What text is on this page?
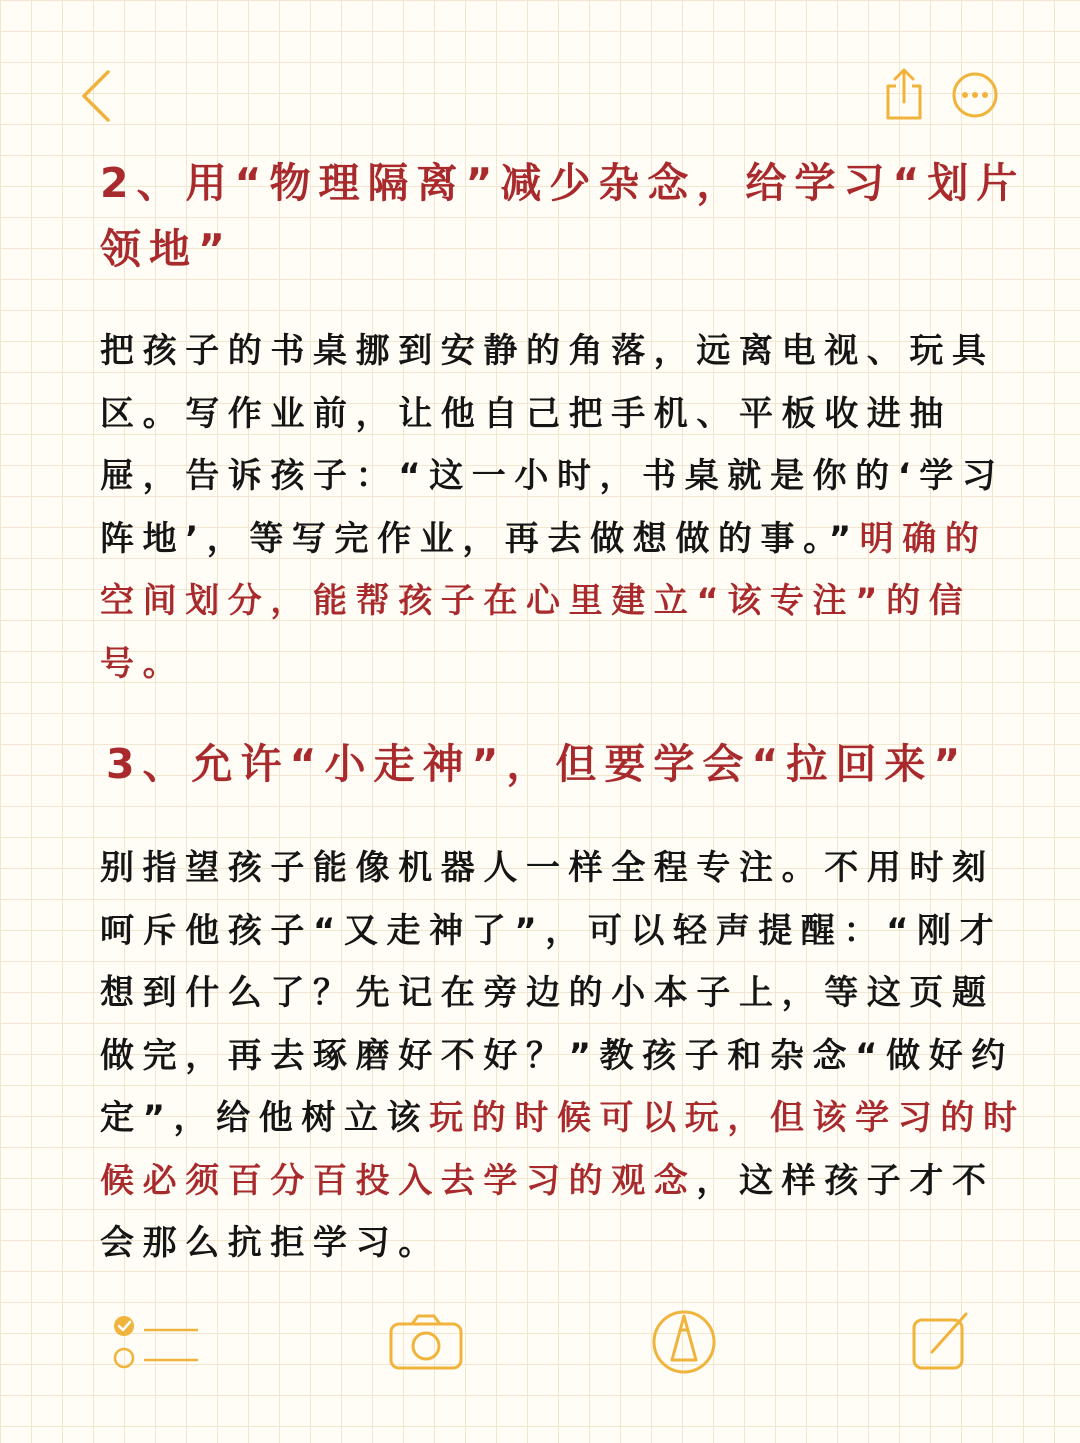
2、用“物理隔离”减少杂念，给学习“划片领地”

把孩子的书桌挪到安静的角落，远离电视、玩具区。写作业前，让他自己把手机、平板收进抽屉，告诉孩子：“这一小时，书桌就是你的‘学习阵地’，等写完作业，再去做想做的事。”明确的空间划分，能帮孩子在心里建立“该专注”的信号。

3、允许“小走神”，但要学会“拉回来”

别指望孩子能像机器人一样全程专注。不用时刻呵斥他孩子“又走神了”，可以轻声提醒：“刚才想到什么了？先记在旁边的小本子上，等这页题做完，再去琢磨好不好？”教孩子和杂念“做好约定”，给他树立该玩的时候可以玩，但该学习的时候必须百分百投入去学习的观念，这样孩子才不会那么抗拒学习。
